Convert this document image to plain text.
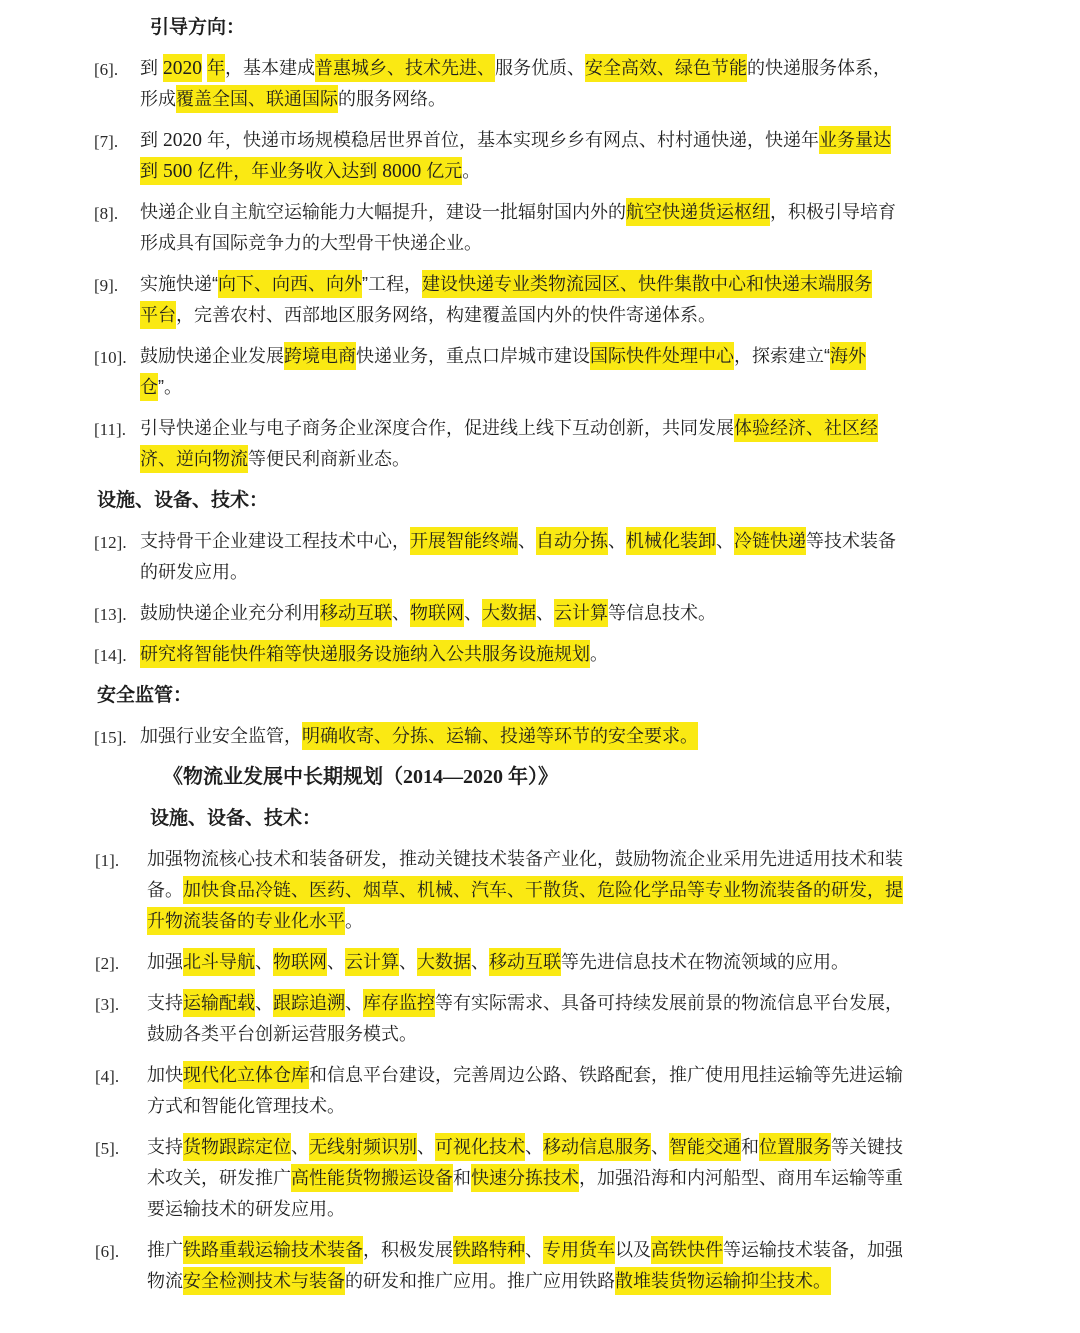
引导方向：
[6]. 到 2020 年，基本建成普惠城乡、技术先进、服务优质、安全高效、绿色节能的快递服务体系，
形成覆盖全国、联通国际的服务网络。
[7]. 到 2020 年，快递市场规模稳居世界首位，基本实现乡乡有网点、村村通快递，快递年业务量达
到 500 亿件，年业务收入达到 8000 亿元。
[8]. 快递企业自主航空运输能力大幅提升，建设一批辐射国内外的航空快递货运枢纽，积极引导培育
形成具有国际竞争力的大型骨干快递企业。
[9]. 实施快递“向下、向西、向外”工程，建设快递专业类物流园区、快件集散中心和快递末端服务
平台，完善农村、西部地区服务网络，构建覆盖国内外的快件寄递体系。
[10]. 鼓励快递企业发展跨境电商快递业务，重点口岸城市建设国际快件处理中心，探索建立“海外
仓”。
[11]. 引导快递企业与电子商务企业深度合作，促进线上线下互动创新，共同发展体验经济、社区经
济、逆向物流等便民利商新业态。
设施、设备、技术：
[12]. 支持骨干企业建设工程技术中心，开展智能终端、自动分拣、机械化装卸、冷链快递等技术装备
的研发应用。
[13]. 鼓励快递企业充分利用移动互联、物联网、大数据、云计算等信息技术。
[14]. 研究将智能快件箱等快递服务设施纳入公共服务设施规划。
安全监管：
[15]. 加强行业安全监管，明确收寄、分拣、运输、投递等环节的安全要求。
《物流业发展中长期规划（2014—2020 年）》
设施、设备、技术：
[1]. 加强物流核心技术和装备研发，推动关键技术装备产业化，鼓励物流企业采用先进适用技术和装
备。加快食品冷链、医药、烟草、机械、汽车、干散货、危险化学品等专业物流装备的研发，提
升物流装备的专业化水平。
[2]. 加强北斗导航、物联网、云计算、大数据、移动互联等先进信息技术在物流领域的应用。
[3]. 支持运输配载、跟踪追溯、库存监控等有实际需求、具备可持续发展前景的物流信息平台发展，
鼓励各类平台创新运营服务模式。
[4]. 加快现代化立体仓库和信息平台建设，完善周边公路、铁路配套，推广使用甩挂运输等先进运输
方式和智能化管理技术。
[5]. 支持货物跟踪定位、无线射频识别、可视化技术、移动信息服务、智能交通和位置服务等关键技
术攻关，研发推广高性能货物搬运设备和快速分拣技术，加强沿海和内河船型、商用车运输等重
要运输技术的研发应用。
[6]. 推广铁路重载运输技术装备，积极发展铁路特种、专用货车以及高铁快件等运输技术装备，加强
物流安全检测技术与装备的研发和推广应用。推广应用铁路散堆装货物运输抑尘技术。
